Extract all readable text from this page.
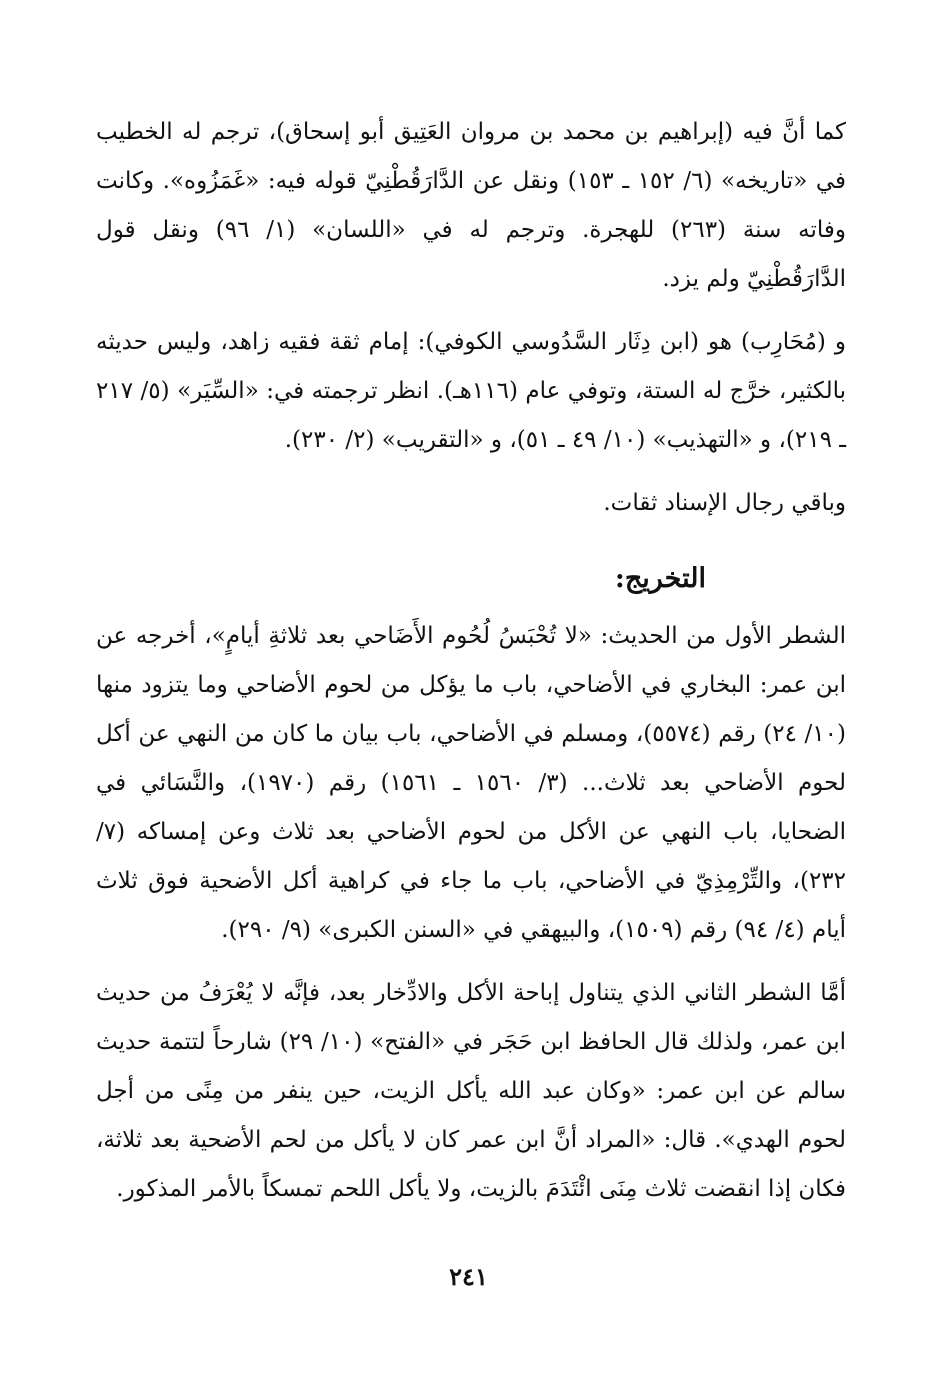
كما أنَّ فيه (إبراهيم بن محمد بن مروان العَتِيق أبو إسحاق)، ترجم له الخطيب في «تاريخه» (٦/ ١٥٢ ـ ١٥٣) ونقل عن الدَّارَقُطْنِيّ قوله فيه: «غَمَزُوه». وكانت وفاته سنة (٢٦٣) للهجرة. وترجم له في «اللسان» (١/ ٩٦) ونقل قول الدَّارَقُطْنِيّ ولم يزد.

و (مُحَارِب) هو (ابن دِثَار السَّدُوسي الكوفي): إمام ثقة فقيه زاهد، وليس حديثه بالكثير، خرَّج له الستة، وتوفي عام (١١٦هـ). انظر ترجمته في: «السِّيَر» (٥/ ٢١٧ ـ ٢١٩)، و «التهذيب» (١٠/ ٤٩ ـ ٥١)، و «التقريب» (٢/ ٢٣٠).

وباقي رجال الإسناد ثقات.

التخريج:

الشطر الأول من الحديث: «لا تُحْبَسُ لُحُوم الأَضَاحي بعد ثلاثةِ أيامٍ»، أخرجه عن ابن عمر: البخاري في الأضاحي، باب ما يؤكل من لحوم الأضاحي وما يتزود منها (١٠/ ٢٤) رقم (٥٥٧٤)، ومسلم في الأضاحي، باب بيان ما كان من النهي عن أكل لحوم الأضاحي بعد ثلاث... (٣/ ١٥٦٠ ـ ١٥٦١) رقم (١٩٧٠)، والنَّسَائي في الضحايا، باب النهي عن الأكل من لحوم الأضاحي بعد ثلاث وعن إمساكه (٧/ ٢٣٢)، والتِّرْمِذِيّ في الأضاحي، باب ما جاء في كراهية أكل الأضحية فوق ثلاث أيام (٤/ ٩٤) رقم (١٥٠٩)، والبيهقي في «السنن الكبرى» (٩/ ٢٩٠).

أمَّا الشطر الثاني الذي يتناول إباحة الأكل والادِّخار بعد، فإنَّه لا يُعْرَفُ من حديث ابن عمر، ولذلك قال الحافظ ابن حَجَر في «الفتح» (١٠/ ٢٩) شارحاً لتتمة حديث سالم عن ابن عمر: «وكان عبد الله يأكل الزيت، حين ينفر من مِنًى من أجل لحوم الهدي». قال: «المراد أنَّ ابن عمر كان لا يأكل من لحم الأضحية بعد ثلاثة، فكان إذا انقضت ثلاث مِنَى ائْتَدَمَ بالزيت، ولا يأكل اللحم تمسكاً بالأمر المذكور.

٢٤١
